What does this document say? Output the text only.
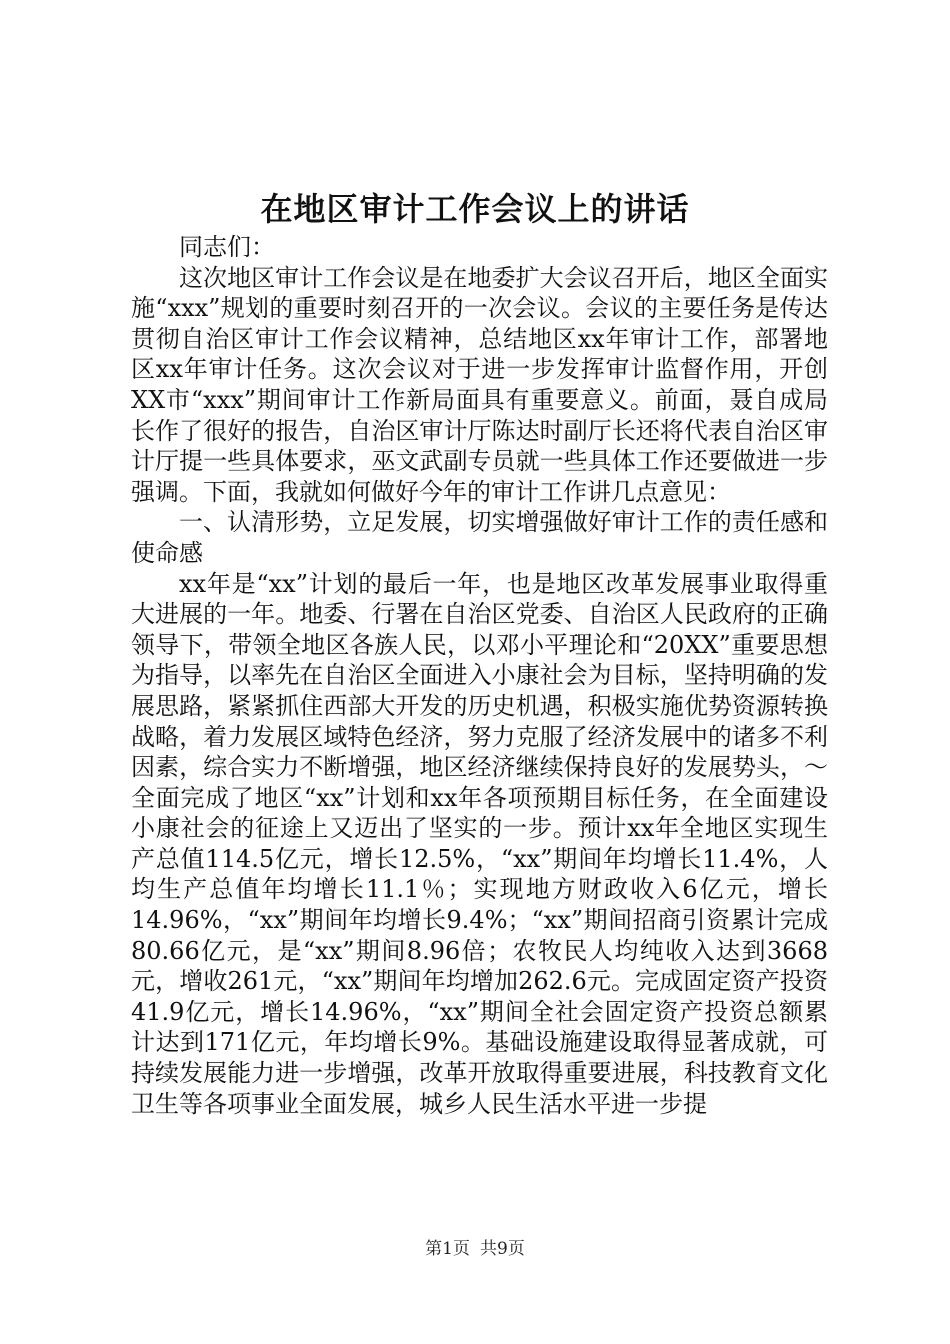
在地区审计工作会议上的讲话

同志们：

这次地区审计工作会议是在地委扩大会议召开后，地区全面实施“xxx”规划的重要时刻召开的一次会议。会议的主要任务是传达贯彻自治区审计工作会议精神，总结地区xx年审计工作，部署地区xx年审计任务。这次会议对于进一步发挥审计监督作用，开创XX市“xxx”期间审计工作新局面具有重要意义。前面，聂自成局长作了很好的报告，自治区审计厅陈达时副厅长还将代表自治区审计厅提一些具体要求，巫文武副专员就一些具体工作还要做进一步强调。下面，我就如何做好今年的审计工作讲几点意见：

一、认清形势，立足发展，切实增强做好审计工作的责任感和使命感

xx年是“xx”计划的最后一年，也是地区改革发展事业取得重大进展的一年。地委、行署在自治区党委、自治区人民政府的正确领导下，带领全地区各族人民，以邓小平理论和“20XX”重要思想为指导，以率先在自治区全面进入小康社会为目标，坚持明确的发展思路，紧紧抓住西部大开发的历史机遇，积极实施优势资源转换战略，着力发展区域特色经济，努力克服了经济发展中的诸多不利因素，综合实力不断增强，地区经济继续保持良好的发展势头，～全面完成了地区“xx”计划和xx年各项预期目标任务，在全面建设小康社会的征途上又迈出了坚实的一步。预计xx年全地区实现生产总值114.5亿元，增长12.5%，“xx”期间年均增长11.4%，人均生产总值年均增长11.1％；实现地方财政收入6亿元，增长14.96%，“xx”期间年均增长9.4%；“xx”期间招商引资累计完成80.66亿元，是“xx”期间8.96倍；农牧民人均纯收入达到3668元，增收261元，“xx”期间年均增加262.6元。完成固定资产投资41.9亿元，增长14.96%，“xx”期间全社会固定资产投资总额累计达到171亿元，年均增长9%。基础设施建设取得显著成就，可持续发展能力进一步增强，改革开放取得重要进展，科技教育文化卫生等各项事业全面发展，城乡人民生活水平进一步提

第1页 共9页
